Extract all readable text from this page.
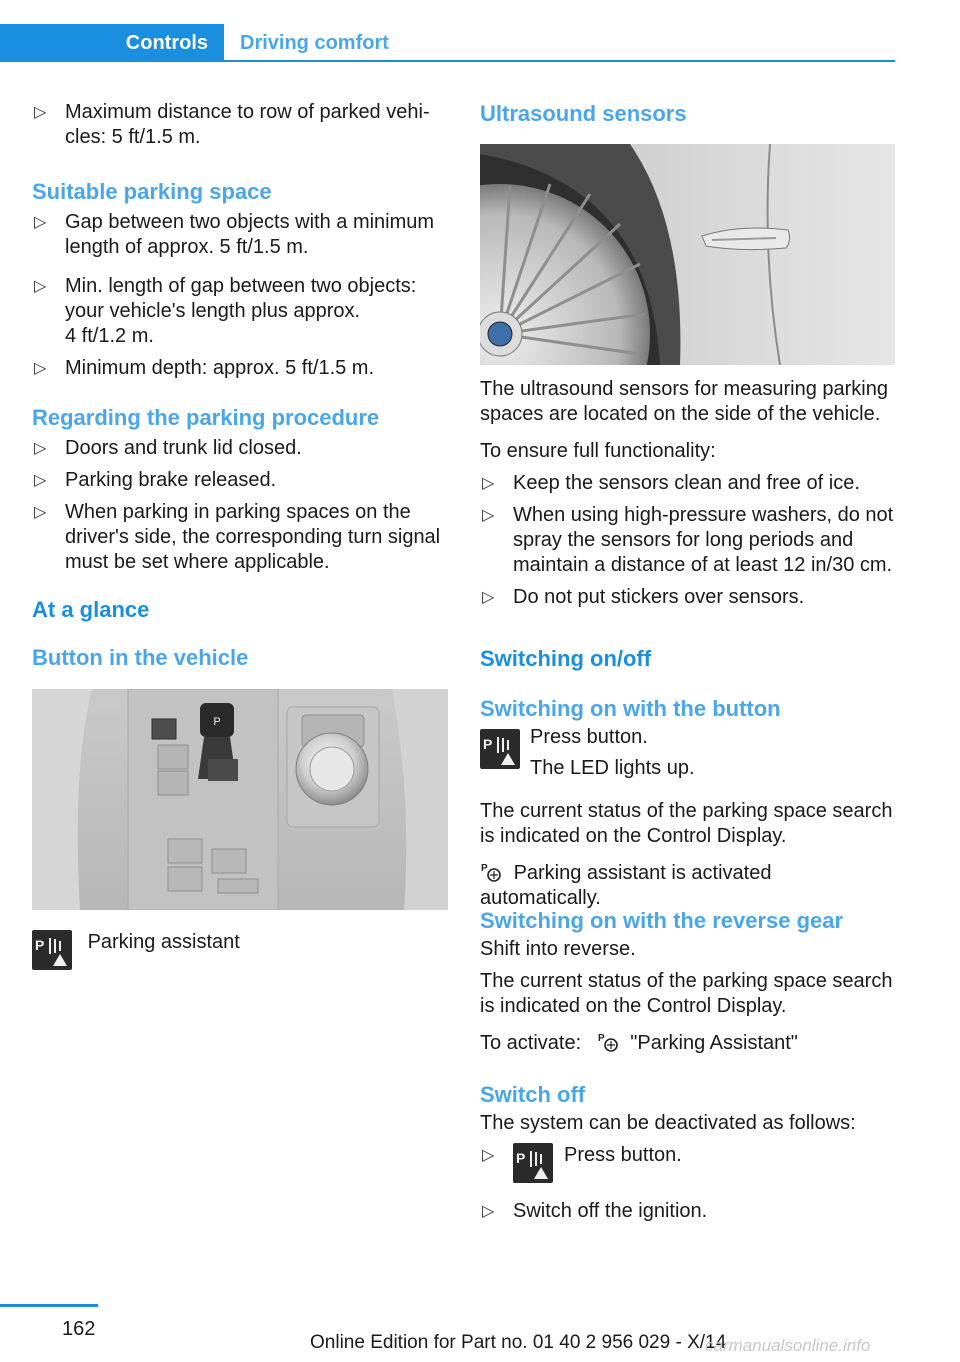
Controls	Driving comfort
▷ Maximum distance to row of parked vehicles: 5 ft/1.5 m.
Suitable parking space
▷ Gap between two objects with a minimum length of approx. 5 ft/1.5 m.
▷ Min. length of gap between two objects: your vehicle's length plus approx.
4 ft/1.2 m.
▷ Minimum depth: approx. 5 ft/1.5 m.
Regarding the parking procedure
▷ Doors and trunk lid closed.
▷ Parking brake released.
▷ When parking in parking spaces on the driver's side, the corresponding turn signal must be set where applicable.
At a glance
Button in the vehicle
P
P Parking assistant
Ultrasound sensors
The ultrasound sensors for measuring parking spaces are located on the side of the vehicle.
To ensure full functionality:
▷ Keep the sensors clean and free of ice.
▷ When using high-pressure washers, do not spray the sensors for long periods and maintain a distance of at least 12 in/30 cm.
▷ Do not put stickers over sensors.
Switching on/off
Switching on with the button
P Press button.
The LED lights up.
The current status of the parking space search is indicated on the Control Display.
P Parking assistant is activated automatically.
Switching on with the reverse gear
Shift into reverse.
The current status of the parking space search is indicated on the Control Display.
To activate: P "Parking Assistant"
Switch off
The system can be deactivated as follows:
▷ P Press button.
▷ Switch off the ignition.
162
Online Edition for Part no. 01 40 2 956 029 - X/14
carmanualsonline.info
